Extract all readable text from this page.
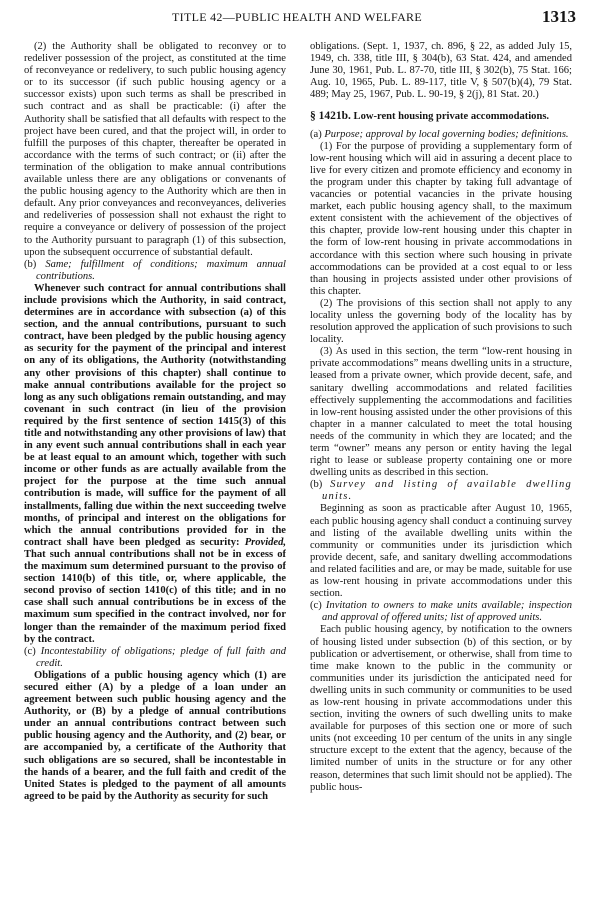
TITLE 42—PUBLIC HEALTH AND WELFARE	1313

(2) the Authority shall be obligated to reconvey or to redeliver possession of the project, as constituted at the time of reconveyance or redelivery, to such public housing agency or to its successor (if such public housing agency or a successor exists) upon such terms as shall be prescribed in such contract and as shall be practicable: (i) after the Authority shall be satisfied that all defaults with respect to the project have been cured, and that the project will, in order to fulfill the purposes of this chapter, thereafter be operated in accordance with the terms of such contract; or (ii) after the termination of the obligation to make annual contributions available unless there are any obligations or convenants of the public housing agency to the Authority which are then in default. Any prior conveyances and reconveyances, deliveries and redeliveries of possession shall not exhaust the right to require a conveyance or delivery of possession of the project to the Authority pursuant to paragraph (1) of this subsection, upon the subsequent occurrence of substantial default.

(b) Same; fulfillment of conditions; maximum annual contributions.

Whenever such contract for annual contributions shall include provisions which the Authority, in said contract, determines are in accordance with subsection (a) of this section, and the annual contributions, pursuant to such contract, have been pledged by the public housing agency as security for the payment of the principal and interest on any of its obligations, the Authority (notwithstanding any other provisions of this chapter) shall continue to make annual contributions available for the project so long as any such obligations remain outstanding, and may covenant in such contract (in lieu of the provision required by the first sentence of section 1415(3) of this title and notwithstanding any other provisions of law) that in any event such annual contributions shall in each year be at least equal to an amount which, together with such income or other funds as are actually available from the project for the purpose at the time such annual contribution is made, will suffice for the payment of all installments, falling due within the next succeeding twelve months, of principal and interest on the obligations for which the annual contributions provided for in the contract shall have been pledged as security: Provided, That such annual contributions shall not be in excess of the maximum sum determined pursuant to the proviso of section 1410(b) of this title, or, where applicable, the second proviso of section 1410(c) of this title; and in no case shall such annual contributions be in excess of the maximum sum specified in the contract involved, nor for longer than the remainder of the maximum period fixed by the contract.

(c) Incontestability of obligations; pledge of full faith and credit.

Obligations of a public housing agency which (1) are secured either (A) by a pledge of a loan under an agreement between such public housing agency and the Authority, or (B) by a pledge of annual contributions under an annual contributions contract between such public housing agency and the Authority, and (2) bear, or are accompanied by, a certificate of the Authority that such obligations are so secured, shall be incontestable in the hands of a bearer, and the full faith and credit of the United States is pledged to the payment of all amounts agreed to be paid by the Authority as security for such

obligations. (Sept. 1, 1937, ch. 896, § 22, as added July 15, 1949, ch. 338, title III, § 304(b), 63 Stat. 424, and amended June 30, 1961, Pub. L. 87-70, title III, § 302(b), 75 Stat. 166; Aug. 10, 1965, Pub. L. 89-117, title V, § 507(b)(4), 79 Stat. 489; May 25, 1967, Pub. L. 90-19, § 2(j), 81 Stat. 20.)

§ 1421b. Low-rent housing private accommodations.

(a) Purpose; approval by local governing bodies; definitions.

(1) For the purpose of providing a supplementary form of low-rent housing which will aid in assuring a decent place to live for every citizen and promote efficiency and economy in the program under this chapter by taking full advantage of vacancies or potential vacancies in the private housing market, each public housing agency shall, to the maximum extent consistent with the achievement of the objectives of this chapter, provide low-rent housing under this chapter in the form of low-rent housing in private accommodations in accordance with this section where such housing in private accommodations can be provided at a cost equal to or less than housing in projects assisted under other provisions of this chapter.

(2) The provisions of this section shall not apply to any locality unless the governing body of the locality has by resolution approved the application of such provisions to such locality.

(3) As used in this section, the term “low-rent housing in private accommodations” means dwelling units in a structure, leased from a private owner, which provide decent, safe, and sanitary dwelling accommodations and related facilities effectively supplementing the accommodations and facilities in low-rent housing assisted under the other provisions of this chapter in a manner calculated to meet the total housing needs of the community in which they are located; and the term “owner” means any person or entity having the legal right to lease or sublease property containing one or more dwelling units as described in this section.

(b) Survey and listing of available dwelling units.

Beginning as soon as practicable after August 10, 1965, each public housing agency shall conduct a continuing survey and listing of the available dwelling units within the community or communities under its jurisdiction which provide decent, safe, and sanitary dwelling accommodations and related facilities and are, or may be made, suitable for use as low-rent housing in private accommodations under this section.

(c) Invitation to owners to make units available; inspection and approval of offered units; list of approved units.

Each public housing agency, by notification to the owners of housing listed under subsection (b) of this section, or by publication or advertisement, or otherwise, shall from time to time make known to the public in the community or communities under its jurisdiction the anticipated need for dwelling units in such community or communities to be used as low-rent housing in private accommodations under this section, inviting the owners of such dwelling units to make available for purposes of this section one or more of such units (not exceeding 10 per centum of the units in any single structure except to the extent that the agency, because of the limited number of units in the structure or for any other reason, determines that such limit should not be applied). The public hous-
